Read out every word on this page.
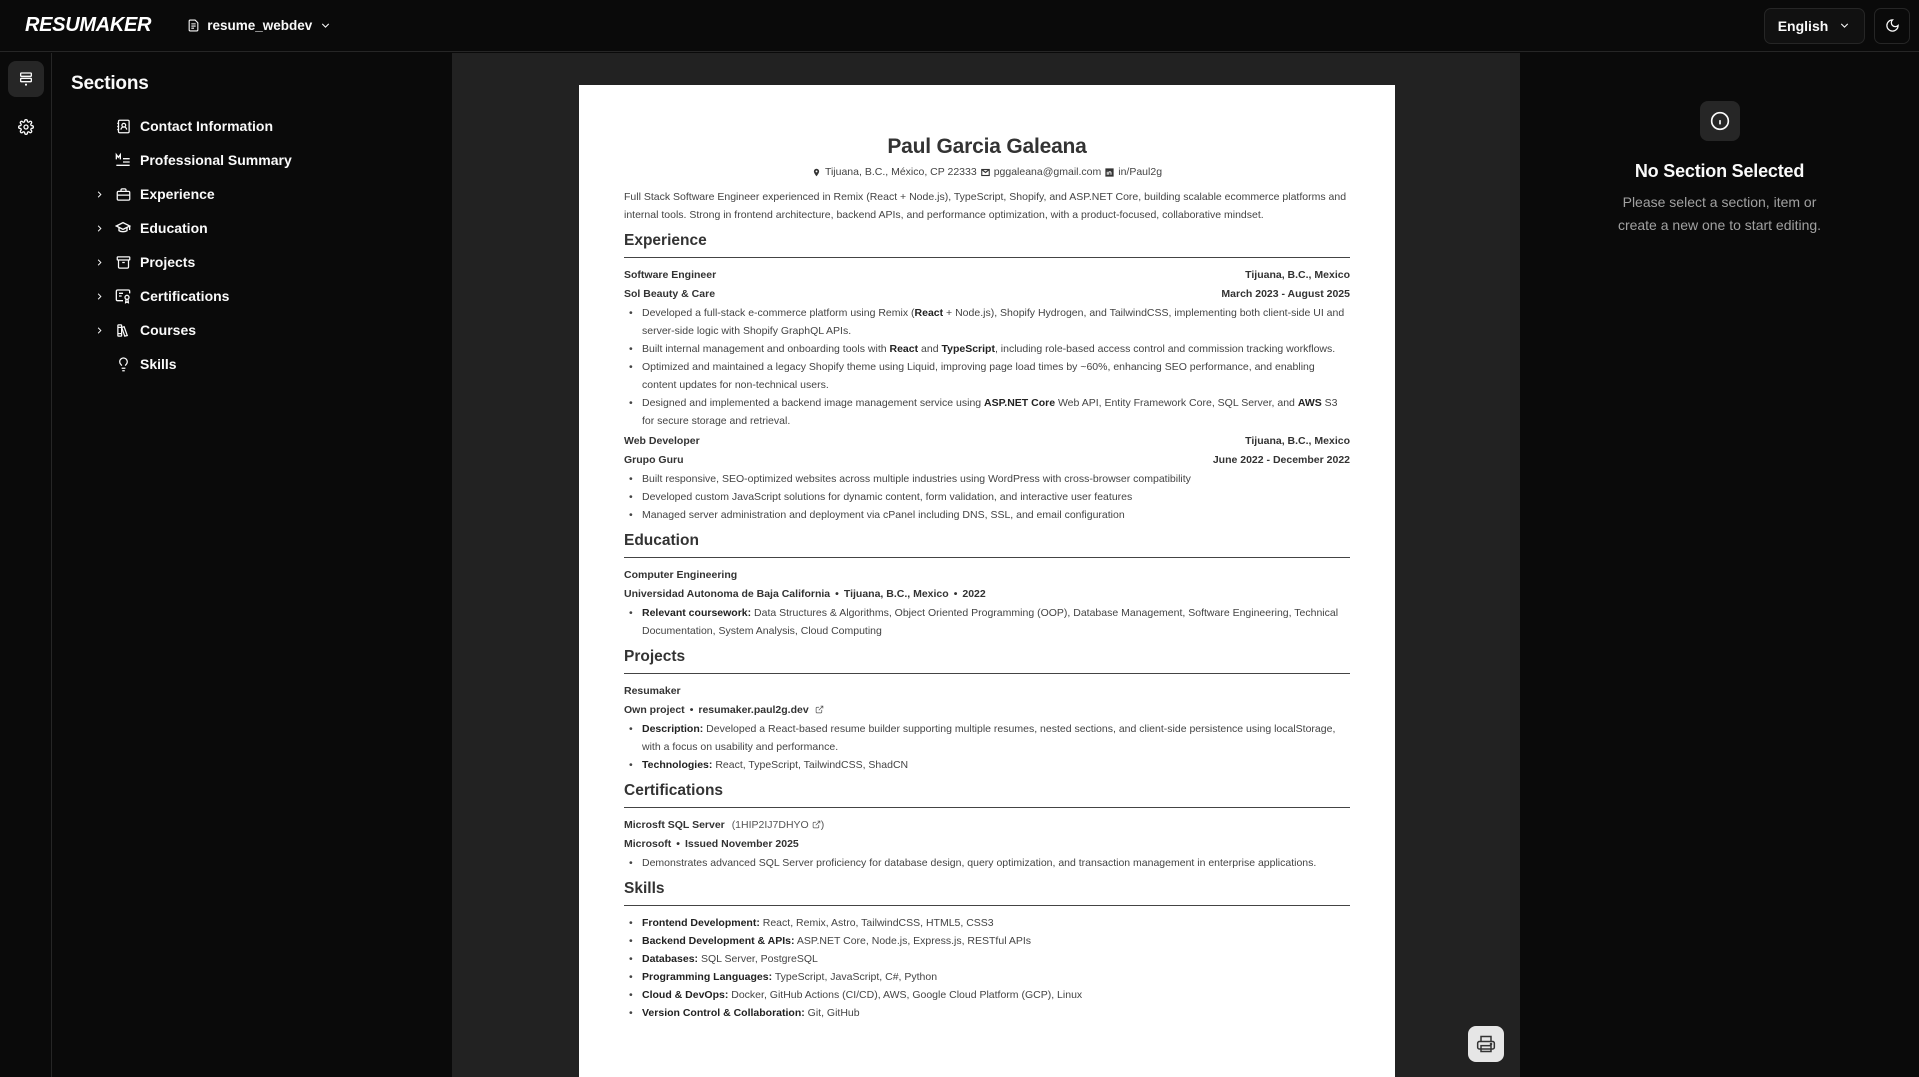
RESUMAKER	resume_webdev	English
Sections
Contact Information
Professional Summary
Experience
Education
Projects
Certifications
Courses
Skills
Paul Garcia Galeana
Tijuana, B.C., México, CP 22333 pggaleana@gmail.com in/Paul2g

Full Stack Software Engineer experienced in Remix (React + Node.js), TypeScript, Shopify, and ASP.NET Core, building scalable ecommerce platforms and internal tools. Strong in frontend architecture, backend APIs, and performance optimization, with a product-focused, collaborative mindset.

Experience
Software Engineer	Tijuana, B.C., Mexico
Sol Beauty & Care	March 2023 - August 2025
• Developed a full-stack e-commerce platform using Remix (React + Node.js), Shopify Hydrogen, and TailwindCSS, implementing both client-side UI and server-side logic with Shopify GraphQL APIs.
• Built internal management and onboarding tools with React and TypeScript, including role-based access control and commission tracking workflows.
• Optimized and maintained a legacy Shopify theme using Liquid, improving page load times by ~60%, enhancing SEO performance, and enabling content updates for non-technical users.
• Designed and implemented a backend image management service using ASP.NET Core Web API, Entity Framework Core, SQL Server, and AWS S3 for secure storage and retrieval.
Web Developer	Tijuana, B.C., Mexico
Grupo Guru	June 2022 - December 2022
• Built responsive, SEO-optimized websites across multiple industries using WordPress with cross-browser compatibility
• Developed custom JavaScript solutions for dynamic content, form validation, and interactive user features
• Managed server administration and deployment via cPanel including DNS, SSL, and email configuration
Education
Computer Engineering
Universidad Autonoma de Baja California • Tijuana, B.C., Mexico • 2022
• Relevant coursework: Data Structures & Algorithms, Object Oriented Programming (OOP), Database Management, Software Engineering, Technical Documentation, System Analysis, Cloud Computing
Projects
Resumaker
Own project • resumaker.paul2g.dev
• Description: Developed a React-based resume builder supporting multiple resumes, nested sections, and client-side persistence using localStorage, with a focus on usability and performance.
• Technologies: React, TypeScript, TailwindCSS, ShadCN
Certifications
Microsft SQL Server (1HIP2IJ7DHYO )
Microsoft • Issued November 2025
• Demonstrates advanced SQL Server proficiency for database design, query optimization, and transaction management in enterprise applications.
Skills
• Frontend Development: React, Remix, Astro, TailwindCSS, HTML5, CSS3
• Backend Development & APIs: ASP.NET Core, Node.js, Express.js, RESTful APIs
• Databases: SQL Server, PostgreSQL
• Programming Languages: TypeScript, JavaScript, C#, Python
• Cloud & DevOps: Docker, GitHub Actions (CI/CD), AWS, Google Cloud Platform (GCP), Linux
• Version Control & Collaboration: Git, GitHub
No Section Selected
Please select a section, item or create a new one to start editing.
